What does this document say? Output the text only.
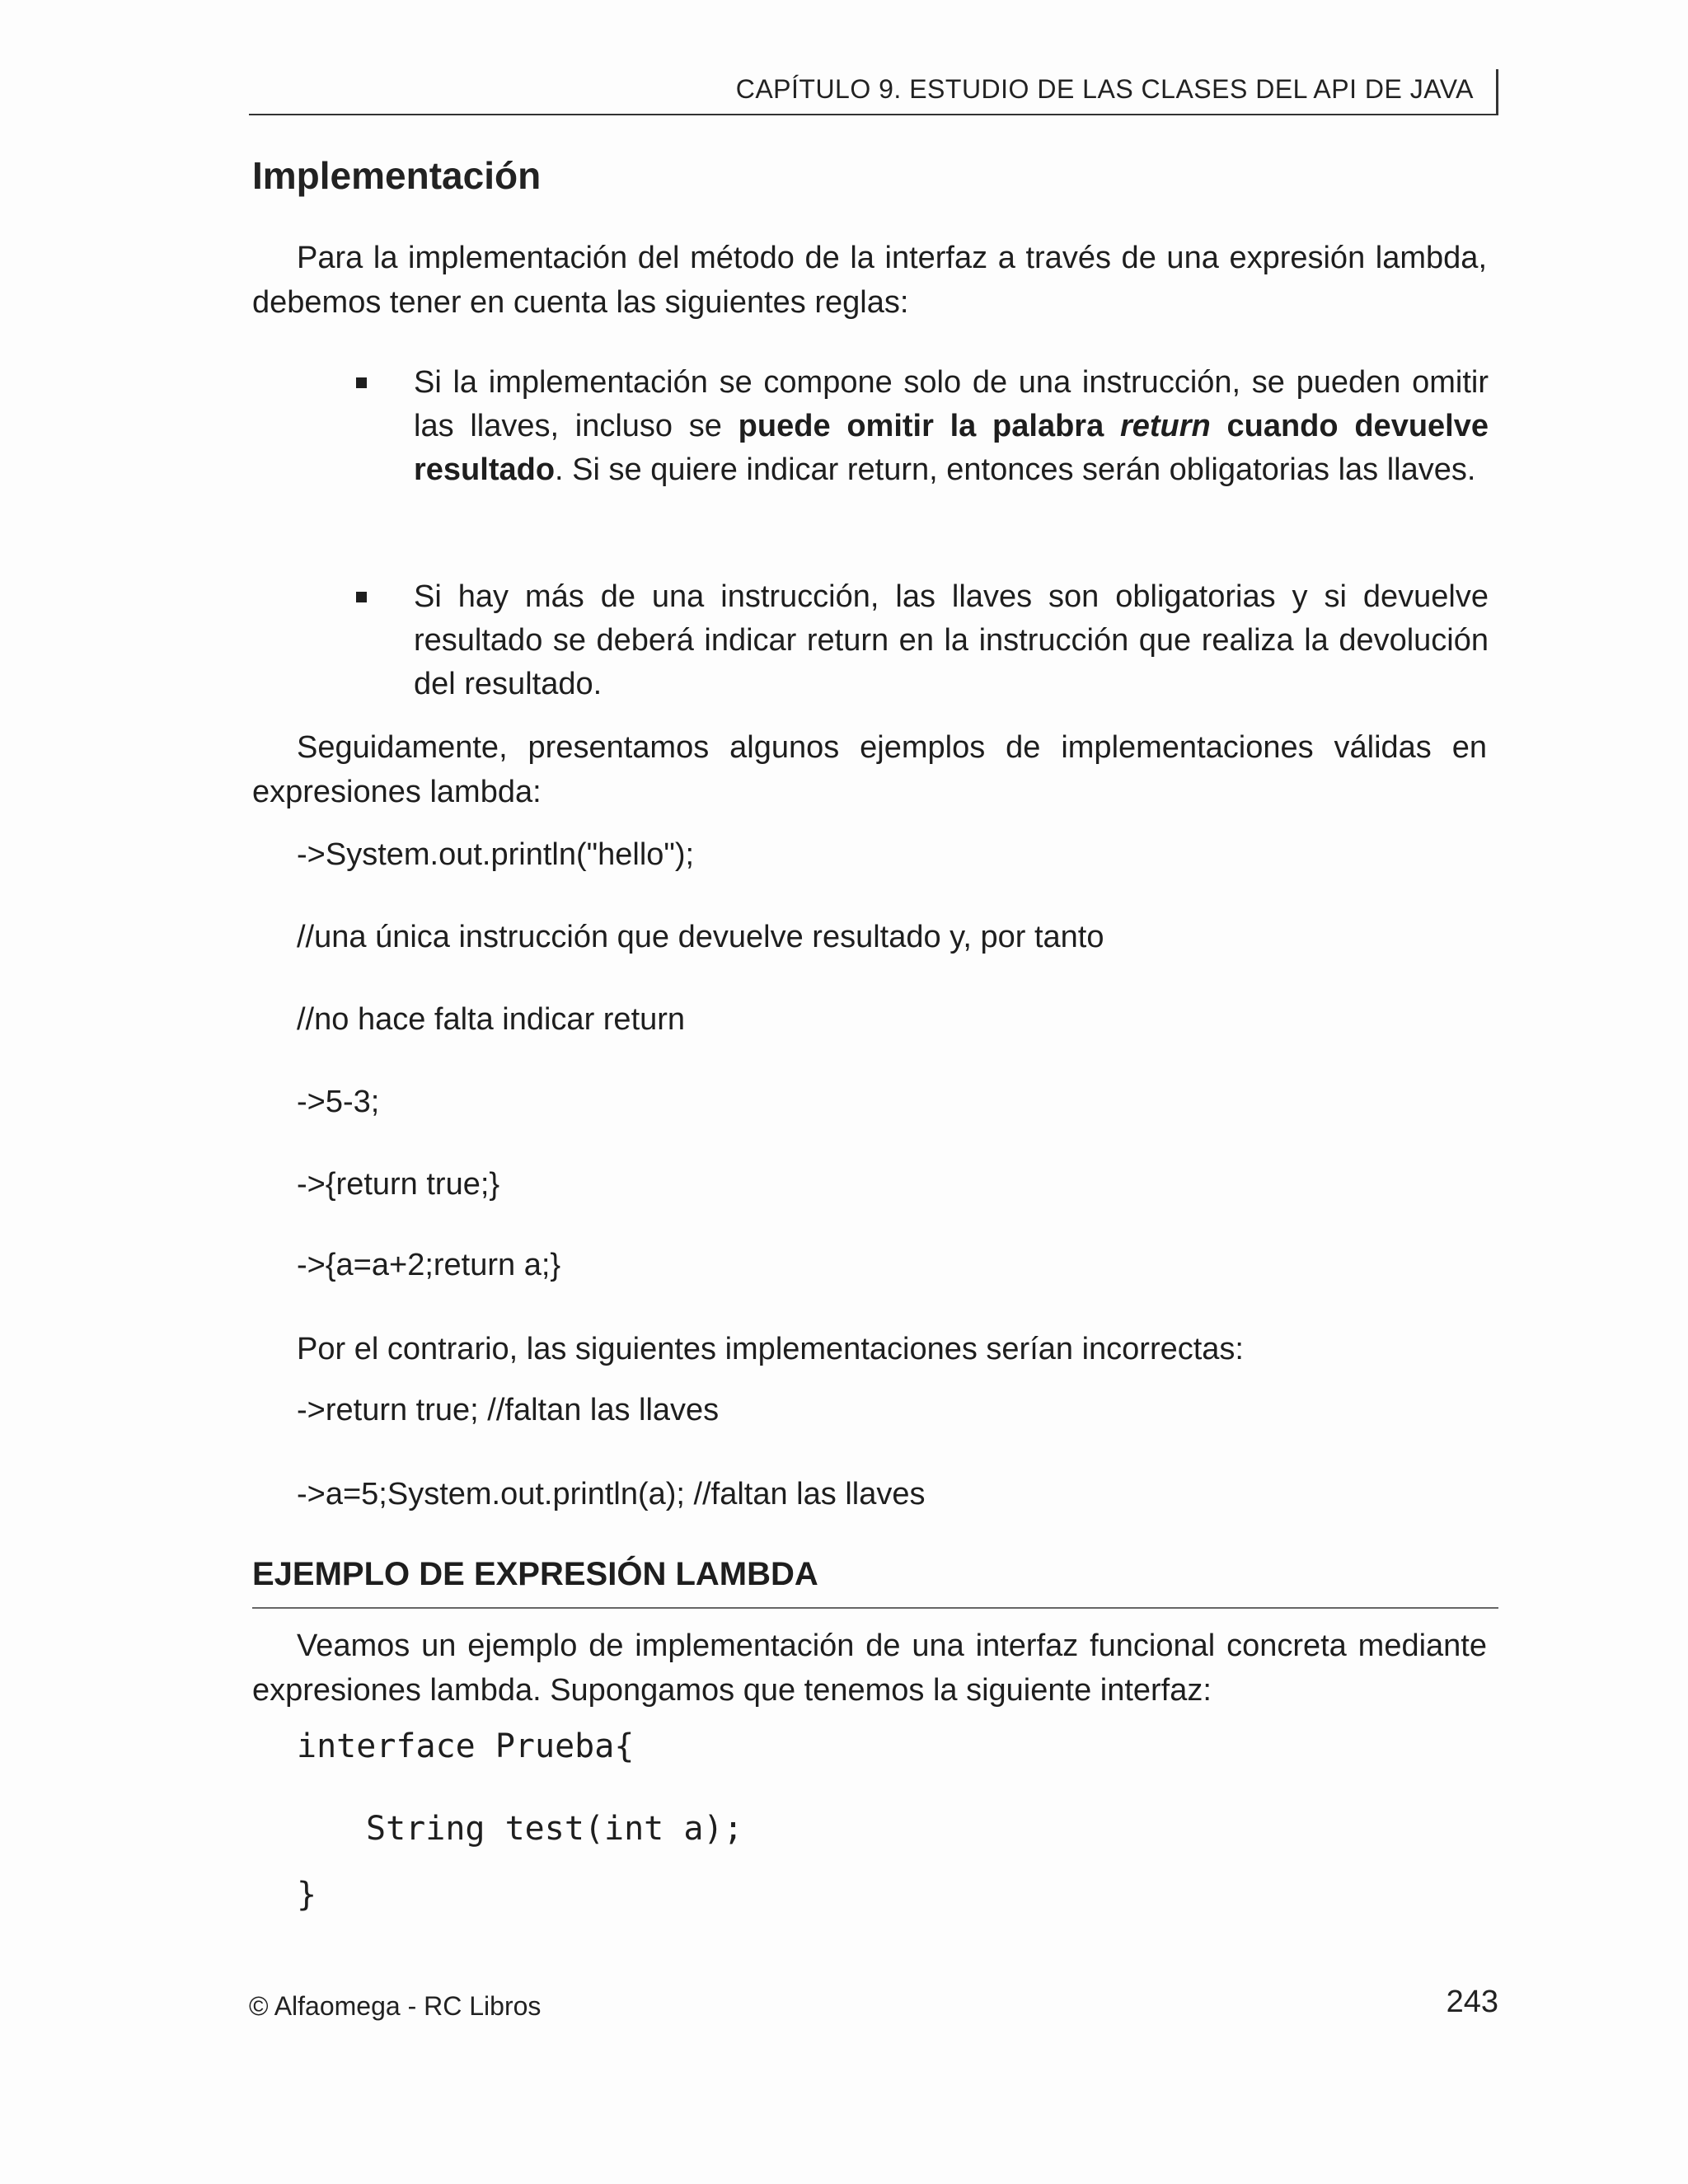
CAPÍTULO 9. ESTUDIO DE LAS CLASES DEL API DE JAVA
Implementación
Para la implementación del método de la interfaz a través de una expresión lambda, debemos tener en cuenta las siguientes reglas:
Si la implementación se compone solo de una instrucción, se pueden omitir las llaves, incluso se puede omitir la palabra return cuando devuelve resultado. Si se quiere indicar return, entonces serán obligatorias las llaves.
Si hay más de una instrucción, las llaves son obligatorias y si devuelve resultado se deberá indicar return en la instrucción que realiza la devolución del resultado.
Seguidamente, presentamos algunos ejemplos de implementaciones válidas en expresiones lambda:
->System.out.println("hello");
//una única instrucción que devuelve resultado y, por tanto
//no hace falta indicar return
->5-3;
->{return true;}
->{a=a+2;return a;}
Por el contrario, las siguientes implementaciones serían incorrectas:
->return true; //faltan las llaves
->a=5;System.out.println(a); //faltan las llaves
EJEMPLO DE EXPRESIÓN LAMBDA
Veamos un ejemplo de implementación de una interfaz funcional concreta mediante expresiones lambda. Supongamos que tenemos la siguiente interfaz:
interface Prueba{
String test(int a);
}
© Alfaomega - RC Libros	243
